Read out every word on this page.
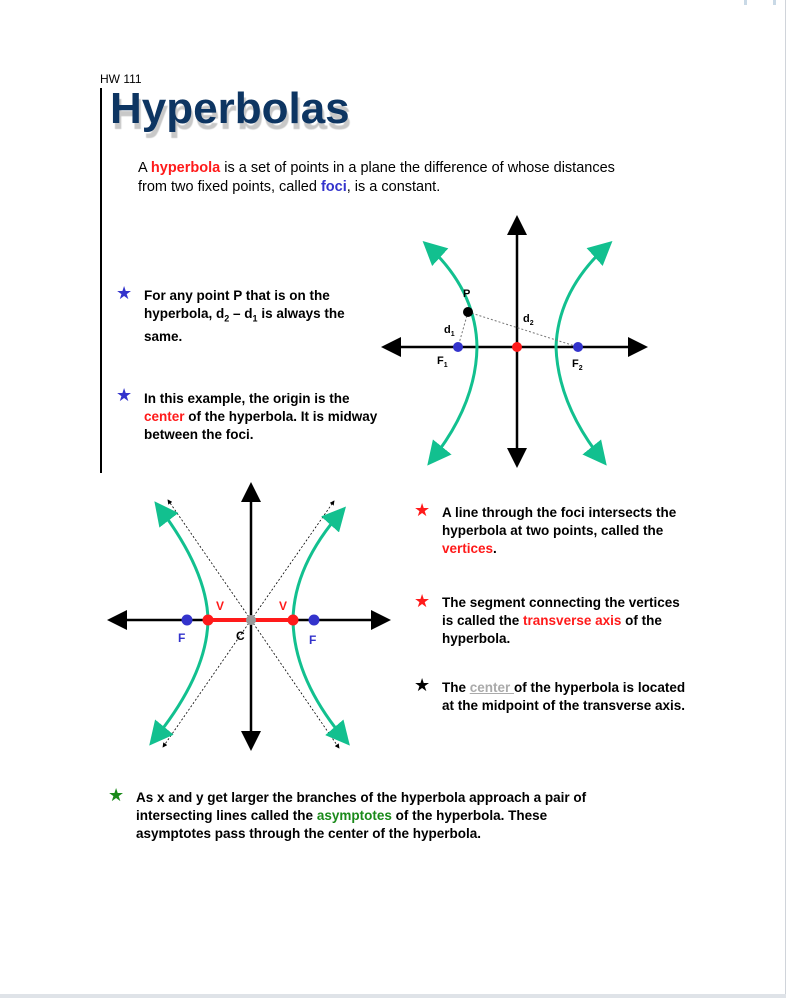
HW 111
Hyperbolas
A hyperbola is a set of points in a plane the difference of whose distances from two fixed points, called foci, is a constant.
★ For any point P that is on the hyperbola, $d_2 - d_1$ is always the same.
★ In this example, the origin is the center of the hyperbola. It is midway between the foci.
★ A line through the foci intersects the hyperbola at two points, called the vertices.
★ The segment connecting the vertices is called the transverse axis of the hyperbola.
★ The center of the hyperbola is located at the midpoint of the transverse axis.
★ As x and y get larger the branches of the hyperbola approach a pair of intersecting lines called the asymptotes of the hyperbola. These asymptotes pass through the center of the hyperbola.
P
$d_1$
$d_2$
$F_1$	$F_2$
V	V
F	F
C
